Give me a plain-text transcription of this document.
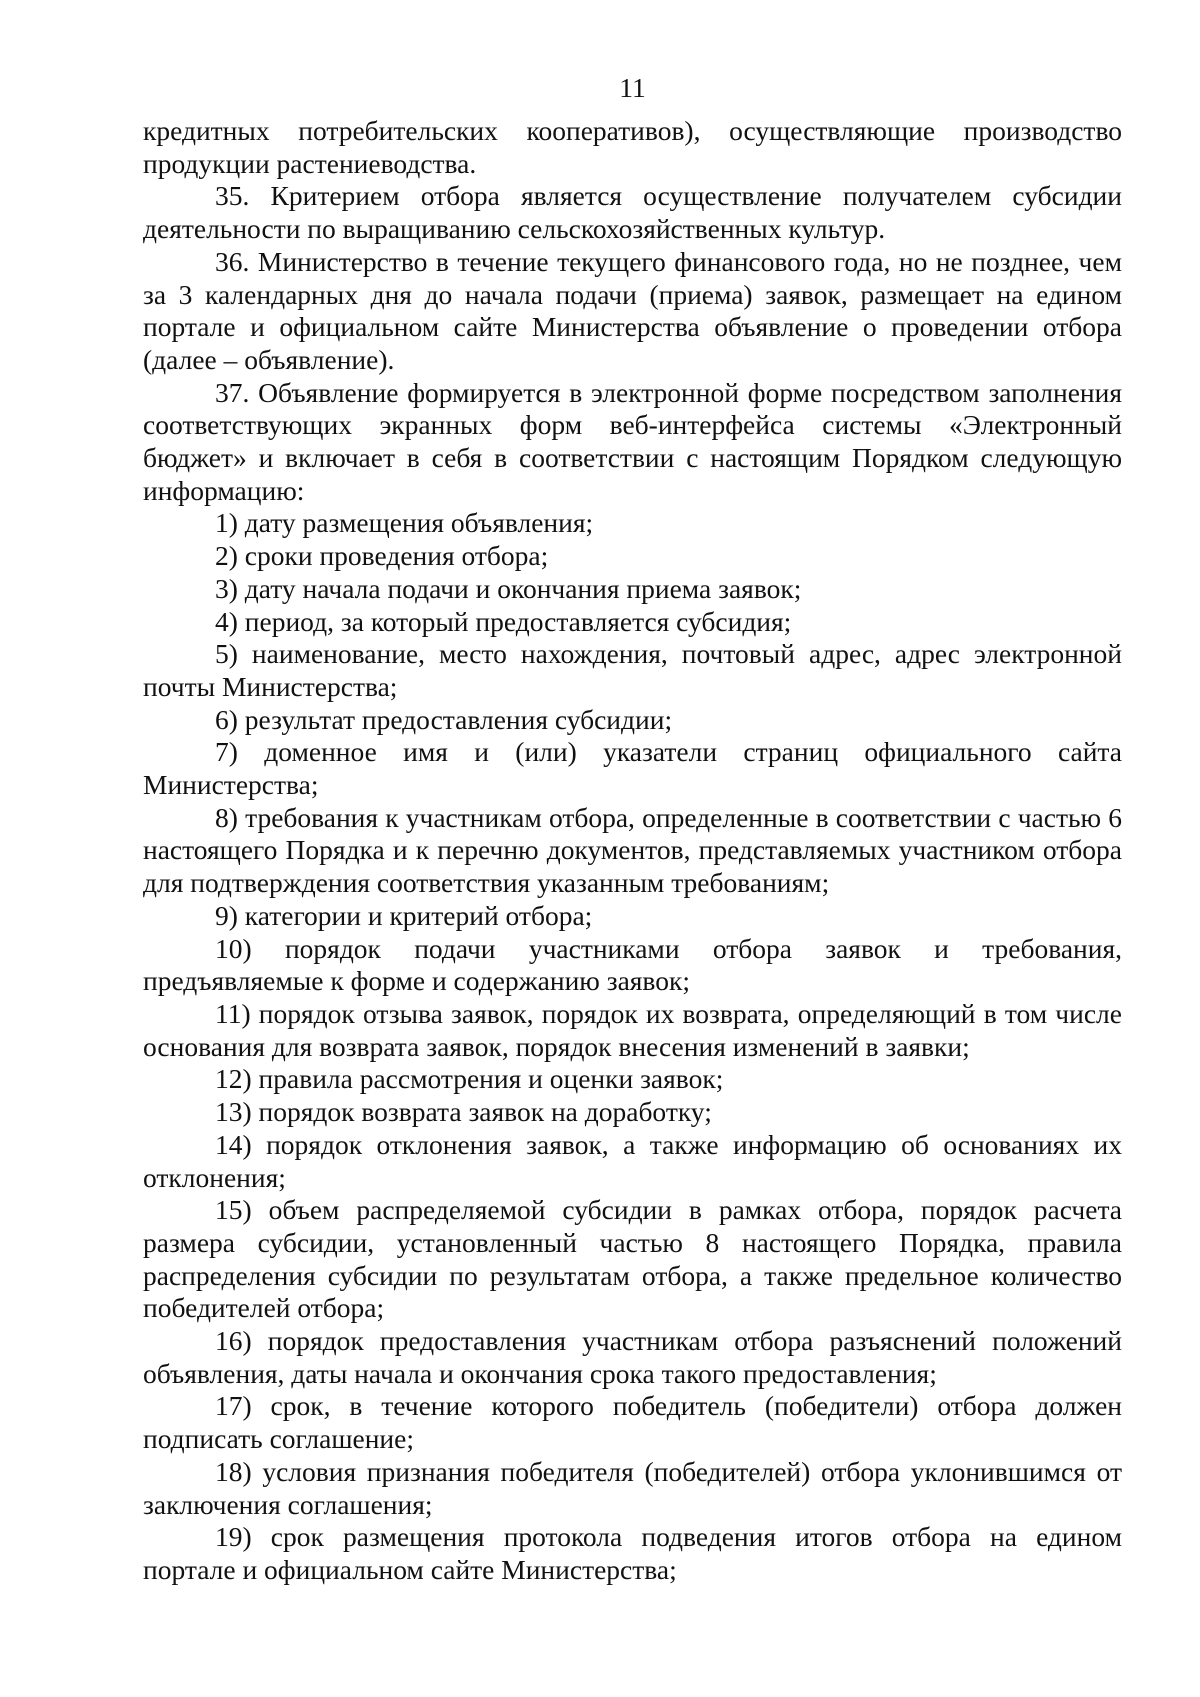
11

кредитных потребительских кооперативов), осуществляющие производство продукции растениеводства.

35. Критерием отбора является осуществление получателем субсидии деятельности по выращиванию сельскохозяйственных культур.

36. Министерство в течение текущего финансового года, но не позднее, чем за 3 календарных дня до начала подачи (приема) заявок, размещает на едином портале и официальном сайте Министерства объявление о проведении отбора (далее – объявление).

37. Объявление формируется в электронной форме посредством заполнения соответствующих экранных форм веб-интерфейса системы «Электронный бюджет» и включает в себя в соответствии с настоящим Порядком следующую информацию:

1) дату размещения объявления;

2) сроки проведения отбора;

3) дату начала подачи и окончания приема заявок;

4) период, за который предоставляется субсидия;

5) наименование, место нахождения, почтовый адрес, адрес электронной почты Министерства;

6) результат предоставления субсидии;

7) доменное имя и (или) указатели страниц официального сайта Министерства;

8) требования к участникам отбора, определенные в соответствии с частью 6 настоящего Порядка и к перечню документов, представляемых участником отбора для подтверждения соответствия указанным требованиям;

9) категории и критерий отбора;

10) порядок подачи участниками отбора заявок и требования, предъявляемые к форме и содержанию заявок;

11) порядок отзыва заявок, порядок их возврата, определяющий в том числе основания для возврата заявок, порядок внесения изменений в заявки;

12) правила рассмотрения и оценки заявок;

13) порядок возврата заявок на доработку;

14) порядок отклонения заявок, а также информацию об основаниях их отклонения;

15) объем распределяемой субсидии в рамках отбора, порядок расчета размера субсидии, установленный частью 8 настоящего Порядка, правила распределения субсидии по результатам отбора, а также предельное количество победителей отбора;

16) порядок предоставления участникам отбора разъяснений положений объявления, даты начала и окончания срока такого предоставления;

17) срок, в течение которого победитель (победители) отбора должен подписать соглашение;

18) условия признания победителя (победителей) отбора уклонившимся от заключения соглашения;

19) срок размещения протокола подведения итогов отбора на едином портале и официальном сайте Министерства;
